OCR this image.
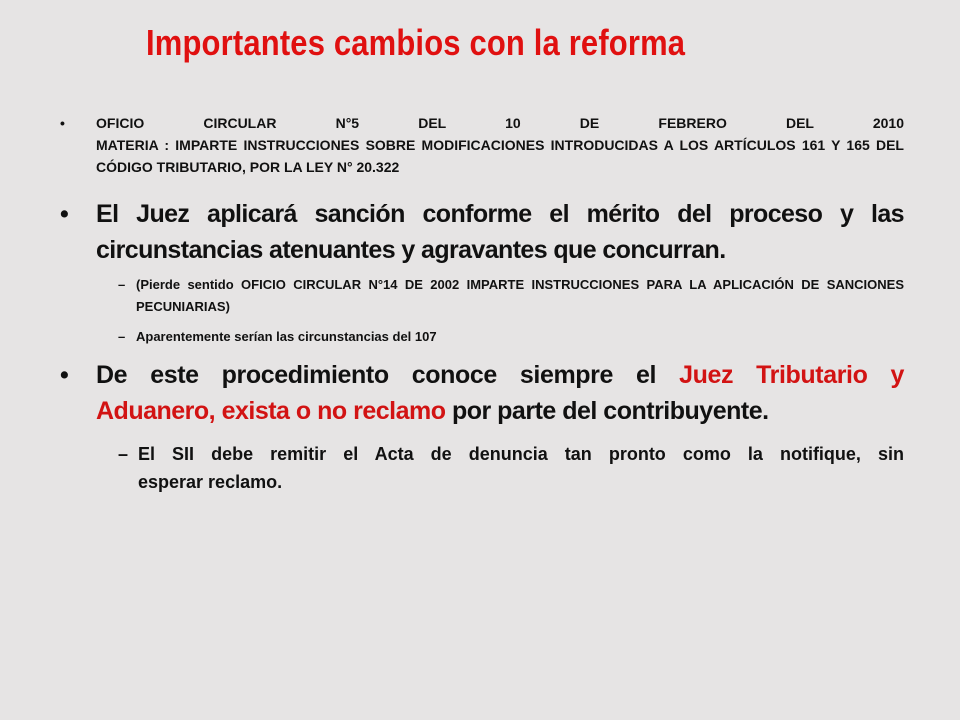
Importantes cambios con la reforma
• OFICIO CIRCULAR N°5 DEL 10 DE FEBRERO DEL 2010
MATERIA : IMPARTE INSTRUCCIONES SOBRE MODIFICACIONES INTRODUCIDAS A LOS ARTÍCULOS 161 Y 165 DEL CÓDIGO TRIBUTARIO, POR LA LEY N° 20.322
• El Juez aplicará sanción conforme el mérito del proceso y las circunstancias atenuantes y agravantes que concurran.
– (Pierde sentido OFICIO CIRCULAR N°14 DE 2002 IMPARTE INSTRUCCIONES PARA LA APLICACIÓN DE SANCIONES PECUNIARIAS)
– Aparentemente serían las circunstancias del 107
• De este procedimiento conoce siempre el Juez Tributario y
Aduanero, exista o no reclamo por parte del contribuyente.
– El SII debe remitir el Acta de denuncia tan pronto como la notifique, sin
esperar reclamo.
